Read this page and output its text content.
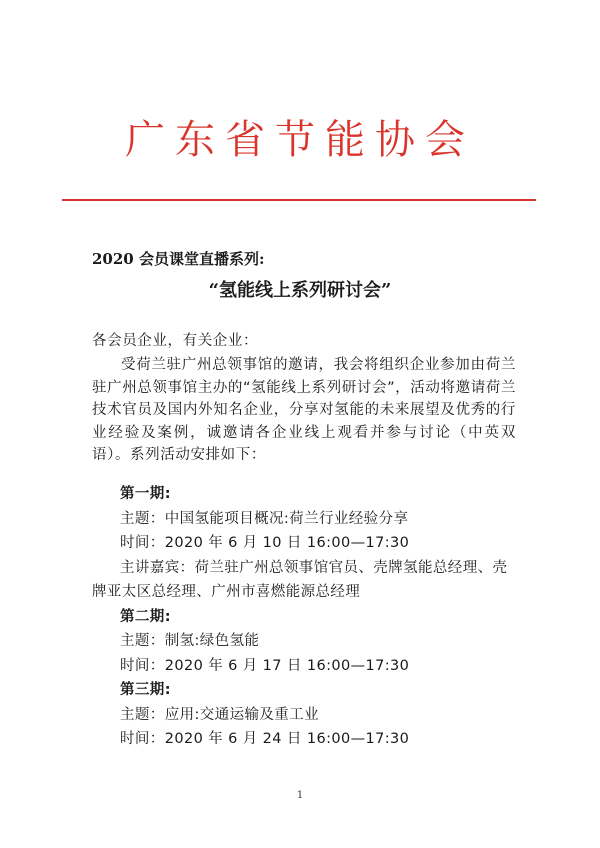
广东省节能协会
2020 会员课堂直播系列:
“氢能线上系列研讨会”
各会员企业，有关企业：
受荷兰驻广州总领事馆的邀请，我会将组织企业参加由荷兰驻广州总领事馆主办的“氢能线上系列研讨会”，活动将邀请荷兰技术官员及国内外知名企业，分享对氢能的未来展望及优秀的行业经验及案例，诚邀请各企业线上观看并参与讨论（中英双语）。系列活动安排如下：
第一期:
主题：中国氢能项目概况:荷兰行业经验分享
时间：2020 年 6 月 10 日 16:00—17:30
主讲嘉宾：荷兰驻广州总领事馆官员、壳牌氢能总经理、壳牌亚太区总经理、广州市喜燃能源总经理
第二期:
主题：制氢:绿色氢能
时间：2020 年 6 月 17 日 16:00—17:30
第三期:
主题：应用:交通运输及重工业
时间：2020 年 6 月 24 日 16:00—17:30
1
